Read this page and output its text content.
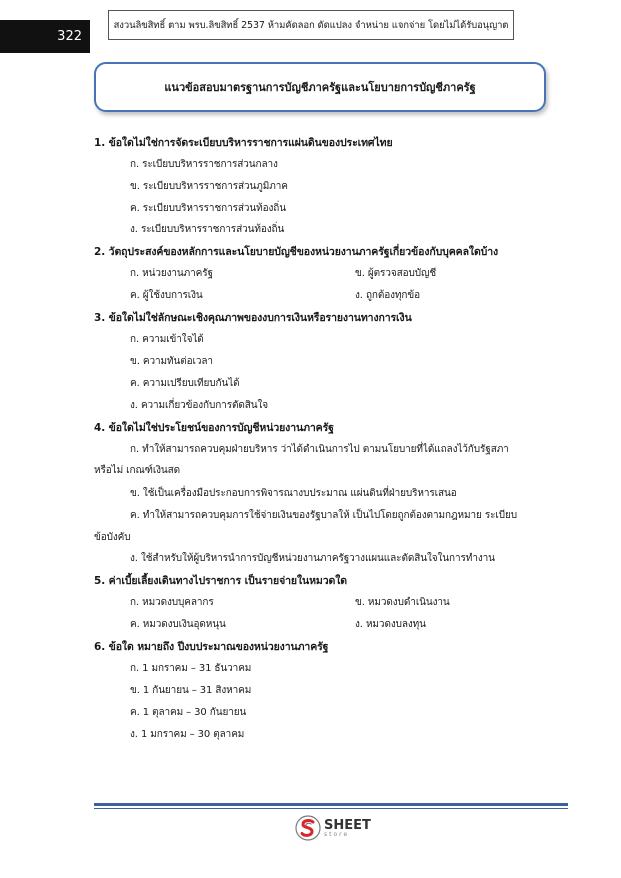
322
สงวนลิขสิทธิ์ ตาม พรบ.ลิขสิทธิ์ 2537 ห้ามคัดลอก ดัดแปลง จำหน่าย แจกจ่าย โดยไม่ได้รับอนุญาต
แนวข้อสอบมาตรฐานการบัญชีภาครัฐและนโยบายการบัญชีภาครัฐ
1. ข้อใดไม่ใช่การจัดระเบียบบริหารราชการแผ่นดินของประเทศไทย
ก. ระเบียบบริหารราชการส่วนกลาง
ข. ระเบียบบริหารราชการส่วนภูมิภาค
ค. ระเบียบบริหารราชการส่วนท้องถิ่น
ง. ระเบียบบริหารราชการส่วนท้องถิ่น
2. วัตถุประสงค์ของหลักการและนโยบายบัญชีของหน่วยงานภาครัฐเกี่ยวข้องกับบุคคลใดบ้าง
ก. หน่วยงานภาครัฐ	ข. ผู้ตรวจสอบบัญชี
ค. ผู้ใช้งบการเงิน	ง. ถูกต้องทุกข้อ
3. ข้อใดไม่ใช่ลักษณะเชิงคุณภาพของงบการเงินหรือรายงานทางการเงิน
ก. ความเข้าใจได้
ข. ความทันต่อเวลา
ค. ความเปรียบเทียบกันได้
ง. ความเกี่ยวข้องกับการตัดสินใจ
4. ข้อใดไม่ใช่ประโยชน์ของการบัญชีหน่วยงานภาครัฐ
ก. ทำให้สามารถควบคุมฝ่ายบริหาร ว่าได้ดำเนินการไป ตามนโยบายที่ได้แถลงไว้กับรัฐสภา
หรือไม่ เกณฑ์เงินสด
ข. ใช้เป็นเครื่องมือประกอบการพิจารณางบประมาณ แผ่นดินที่ฝ่ายบริหารเสนอ
ค. ทำให้สามารถควบคุมการใช้จ่ายเงินของรัฐบาลให้ เป็นไปโดยถูกต้องตามกฎหมาย ระเบียบ
ข้อบังคับ
ง. ใช้สำหรับให้ผู้บริหารนำการบัญชีหน่วยงานภาครัฐวางแผนและตัดสินใจในการทำงาน
5. ค่าเบี้ยเลี้ยงเดินทางไปราชการ เป็นรายจ่ายในหมวดใด
ก. หมวดงบบุคลากร	ข. หมวดงบดำเนินงาน
ค. หมวดงบเงินอุดหนุน	ง. หมวดงบลงทุน
6. ข้อใด หมายถึง ปีงบประมาณของหน่วยงานภาครัฐ
ก. 1 มกราคม – 31 ธันวาคม
ข. 1 กันยายน – 31 สิงหาคม
ค. 1 ตุลาคม – 30 กันยายน
ง. 1 มกราคม – 30 ตุลาคม
SHEET
store
